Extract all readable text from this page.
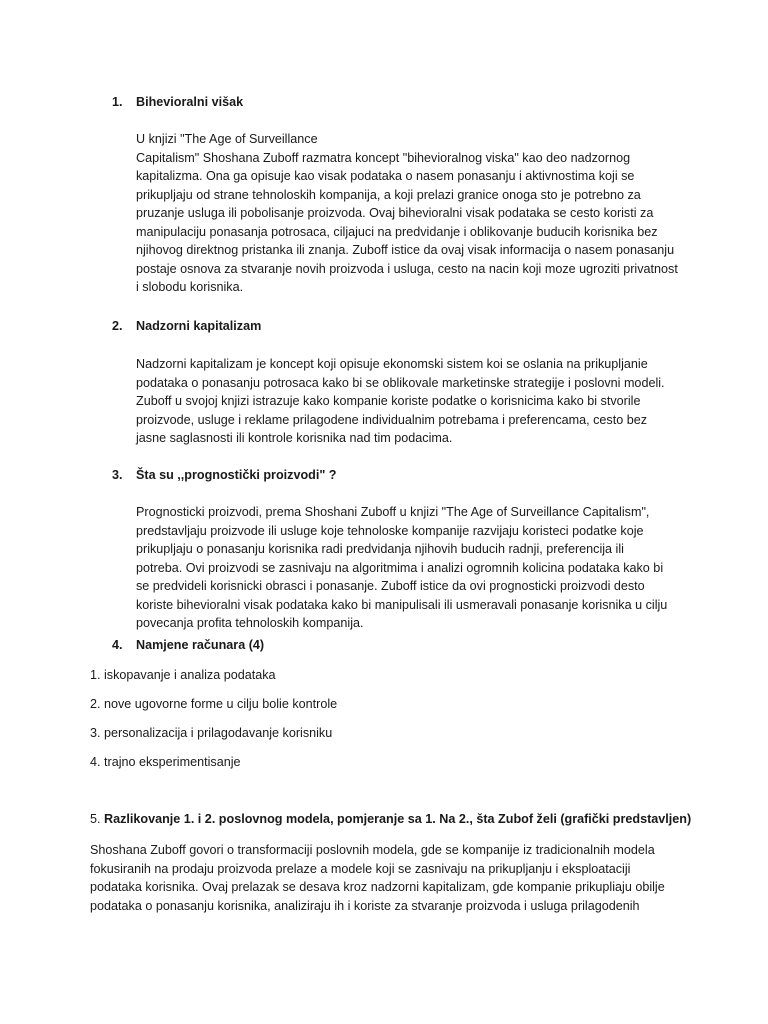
1. Bihevioralni višak
U knjizi "The Age of Surveillance
Capitalism" Shoshana Zuboff razmatra koncept "bihevioralnog viska" kao deo nadzornog
kapitalizma. Ona ga opisuje kao visak podataka o nasem ponasanju i aktivnostima koji se
prikupljaju od strane tehnoloskih kompanija, a koji prelazi granice onoga sto je potrebno za
pruzanje usluga ili pobolisanje proizvoda. Ovaj bihevioralni visak podataka se cesto koristi za
manipulaciju ponasanja potrosaca, ciljajuci na predvidanje i oblikovanje buducih korisnika bez
njihovog direktnog pristanka ili znanja. Zuboff istice da ovaj visak informacija o nasem ponasanju
postaje osnova za stvaranje novih proizvoda i usluga, cesto na nacin koji moze ugroziti privatnost
i slobodu korisnika.
2. Nadzorni kapitalizam
Nadzorni kapitalizam je koncept koji opisuje ekonomski sistem koi se oslania na prikupljanie
podataka o ponasanju potrosaca kako bi se oblikovale marketinske strategije i poslovni modeli.
Zuboff u svojoj knjizi istrazuje kako kompanie koriste podatke o korisnicima kako bi stvorile
proizvode, usluge i reklame prilagodene individualnim potrebama i preferencama, cesto bez
jasne saglasnosti ili kontrole korisnika nad tim podacima.
3. Šta su ,,prognostički proizvodi" ?
Prognosticki proizvodi, prema Shoshani Zuboff u knjizi "The Age of Surveillance Capitalism",
predstavljaju proizvode ili usluge koje tehnoloske kompanije razvijaju koristeci podatke koje
prikupljaju o ponasanju korisnika radi predvidanja njihovih buducih radnji, preferencija ili
potreba. Ovi proizvodi se zasnivaju na algoritmima i analizi ogromnih kolicina podataka kako bi
se predvideli korisnicki obrasci i ponasanje. Zuboff istice da ovi prognosticki proizvodi desto
koriste bihevioralni visak podataka kako bi manipulisali ili usmeravali ponasanje korisnika u cilju
povecanja profita tehnoloskih kompanija.
4. Namjene računara (4)
1. iskopavanje i analiza podataka
2. nove ugovorne forme u cilju bolie kontrole
3. personalizacija i prilagodavanje korisniku
4. trajno eksperimentisanje
5. Razlikovanje 1. i 2. poslovnog modela, pomjeranje sa 1. Na 2., šta Zubof želi (grafički predstavljen)
Shoshana Zuboff govori o transformaciji poslovnih modela, gde se kompanije iz tradicionalnih modela
fokusiranih na prodaju proizvoda prelaze a modele koji se zasnivaju na prikupljanju i eksploataciji
podataka korisnika. Ovaj prelazak se desava kroz nadzorni kapitalizam, gde kompanie prikupliaju obilje
podataka o ponasanju korisnika, analiziraju ih i koriste za stvaranje proizvoda i usluga prilagodenih
